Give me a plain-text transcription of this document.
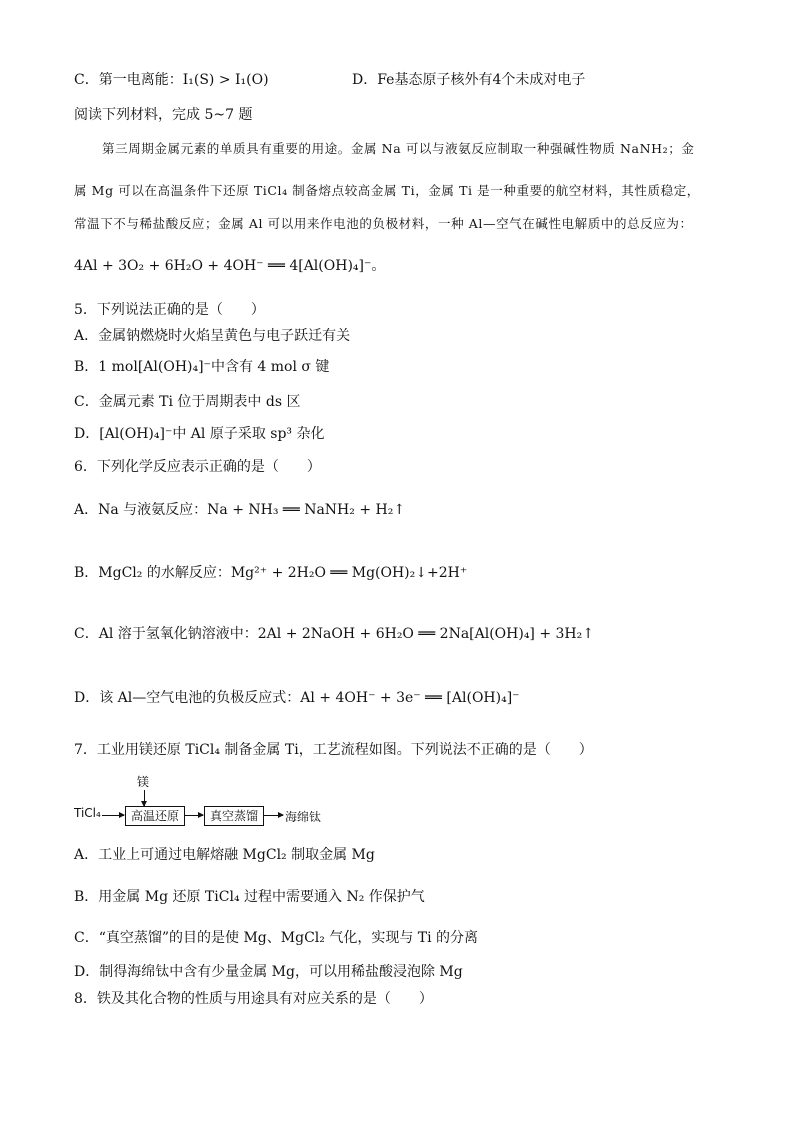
C．第一电离能：I₁(S) > I₁(O)	D．Fe基态原子核外有4个未成对电子
阅读下列材料，完成 5~7 题
第三周期金属元素的单质具有重要的用途。金属 Na 可以与液氨反应制取一种强碱性物质 NaNH₂；金
属 Mg 可以在高温条件下还原 TiCl₄ 制备熔点较高金属 Ti，金属 Ti 是一种重要的航空材料，其性质稳定，
常温下不与稀盐酸反应；金属 Al 可以用来作电池的负极材料，一种 Al—空气在碱性电解质中的总反应为：
4Al + 3O₂ + 6H₂O + 4OH⁻ ══ 4[Al(OH)₄]⁻。
5．下列说法正确的是（　　）
A．金属钠燃烧时火焰呈黄色与电子跃迁有关
B．1 mol[Al(OH)₄]⁻中含有 4 mol σ 键
C．金属元素 Ti 位于周期表中 ds 区
D．[Al(OH)₄]⁻中 Al 原子采取 sp³ 杂化
6．下列化学反应表示正确的是（　　）
A．Na 与液氨反应：Na + NH₃ ══ NaNH₂ + H₂↑
B．MgCl₂ 的水解反应：Mg²⁺ + 2H₂O ══ Mg(OH)₂↓+2H⁺
C．Al 溶于氢氧化钠溶液中：2Al + 2NaOH + 6H₂O ══ 2Na[Al(OH)₄] + 3H₂↑
D．该 Al—空气电池的负极反应式：Al + 4OH⁻ + 3e⁻ ══ [Al(OH)₄]⁻
7．工业用镁还原 TiCl₄ 制备金属 Ti，工艺流程如图。下列说法不正确的是（　　）
TiCl₄
镁
高温还原	真空蒸馏	海绵钛
A．工业上可通过电解熔融 MgCl₂ 制取金属 Mg
B．用金属 Mg 还原 TiCl₄ 过程中需要通入 N₂ 作保护气
C．“真空蒸馏”的目的是使 Mg、MgCl₂ 气化，实现与 Ti 的分离
D．制得海绵钛中含有少量金属 Mg，可以用稀盐酸浸泡除 Mg
8．铁及其化合物的性质与用途具有对应关系的是（　　）
